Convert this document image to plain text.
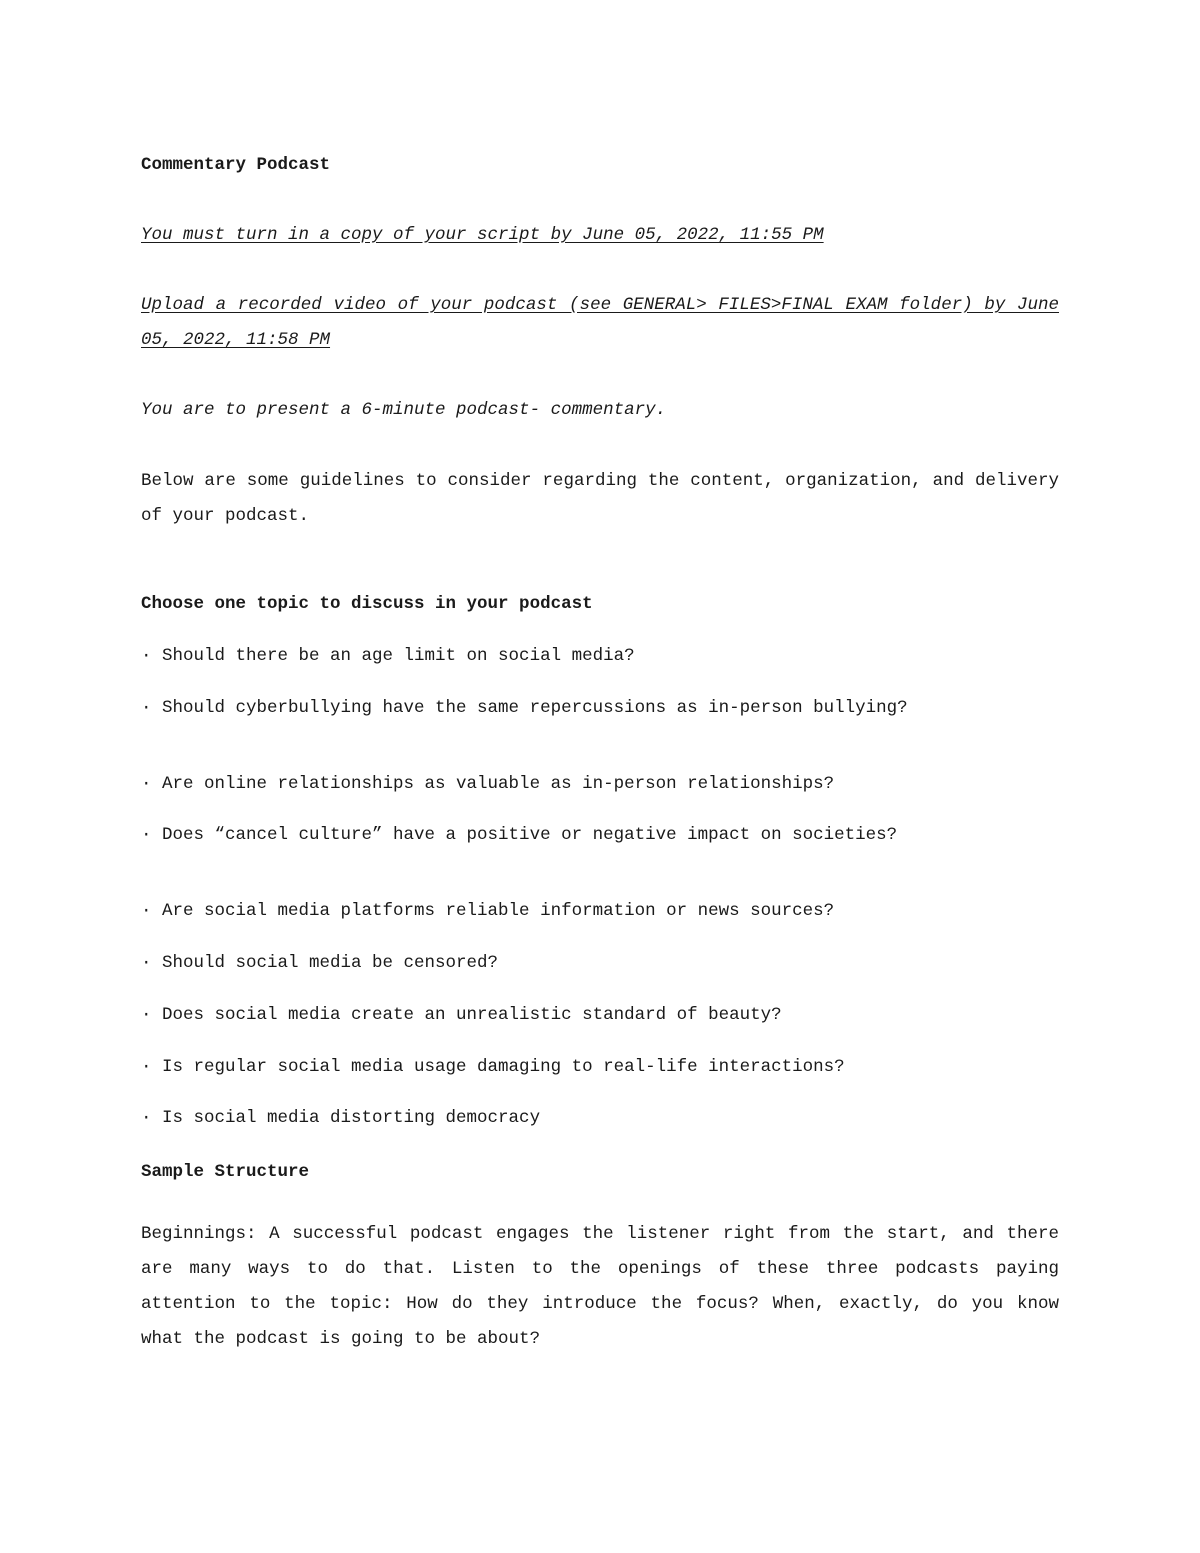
Commentary Podcast

You must turn in a copy of your script by June 05, 2022, 11:55 PM

Upload a recorded video of your podcast (see GENERAL> FILES>FINAL EXAM folder) by June 05, 2022, 11:58 PM

You are to present a 6-minute podcast- commentary.

Below are some guidelines to consider regarding the content, organization, and delivery of your podcast.

Choose one topic to discuss in your podcast

· Should there be an age limit on social media?

· Should cyberbullying have the same repercussions as in-person bullying?

· Are online relationships as valuable as in-person relationships?

· Does “cancel culture” have a positive or negative impact on societies?

· Are social media platforms reliable information or news sources?

· Should social media be censored?

· Does social media create an unrealistic standard of beauty?

· Is regular social media usage damaging to real-life interactions?

· Is social media distorting democracy

Sample Structure

Beginnings: A successful podcast engages the listener right from the start, and there are many ways to do that. Listen to the openings of these three podcasts paying attention to the topic: How do they introduce the focus? When, exactly, do you know what the podcast is going to be about?
